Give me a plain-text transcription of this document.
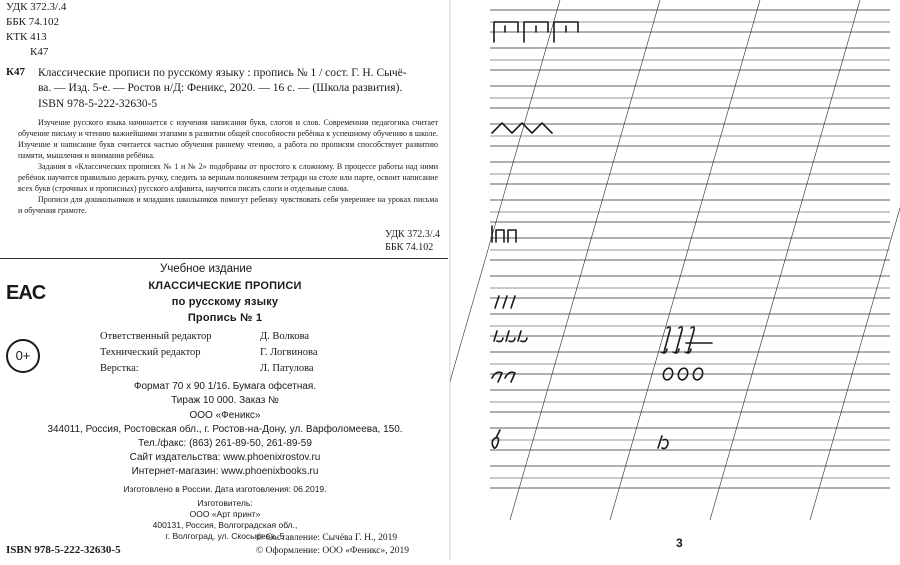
УДК 372.3/.4
ББК 74.102
КТК 413
К47
К47 Классические прописи по русскому языку : пропись № 1 / сост. Г. Н. Сычё-
ва. — Изд. 5-е. — Ростов н/Д: Феникс, 2020. — 16 с. — (Школа развития).
ISBN 978-5-222-32630-5

Изучение русского языка начинается с изучения написания букв, слогов и слов. Современная педагогика считает обучение письму и чтению важнейшими этапами в развитии общей способности ребёнка к успешному обучению в школе. Изучение и написание букв считается частью обучения раннему чтению, а работа по прописям способствует развитию памяти, мышления и внимания ребёнка.

Задания в «Классических прописях № 1 и № 2» подобраны от простого к сложному. В процессе работы над ними ребёнок научится правильно держать ручку, следить за верным положением тетради на столе или парте, освоит написание всех букв (строчных и прописных) русского алфавита, научится писать слоги и отдельные слова.

Прописи для дошкольников и младших школьников помогут ребенку чувствовать себя увереннее на уроках письма и обучения грамоте.

УДК 372.3/.4
ББК 74.102
Учебное издание
КЛАССИЧЕСКИЕ ПРОПИСИ
по русскому языку
Пропись № 1
EAC
0+
Ответственный редактор	Д. Волкова
Технический редактор	Г. Логвинова
Верстка:	Л. Патулова
Формат 70 х 90 1/16. Бумага офсетная.
Тираж 10 000. Заказ №
ООО «Феникс»
344011, Россия, Ростовская обл., г. Ростов-на-Дону, ул. Варфоломеева, 150.
Тел./факс: (863) 261-89-50, 261-89-59
Сайт издательства: www.phoenixrostov.ru
Интернет-магазин: www.phoenixbooks.ru
Изготовлено в России. Дата изготовления: 06.2019.
Изготовитель:
ООО «Арт принт»
400131, Россия, Волгоградская обл.,
г. Волгоград, ул. Скосырева, 5
ISBN 978-5-222-32630-5
© Составление: Сычёва Г. Н., 2019
© Оформление: ООО «Феникс», 2019
3
